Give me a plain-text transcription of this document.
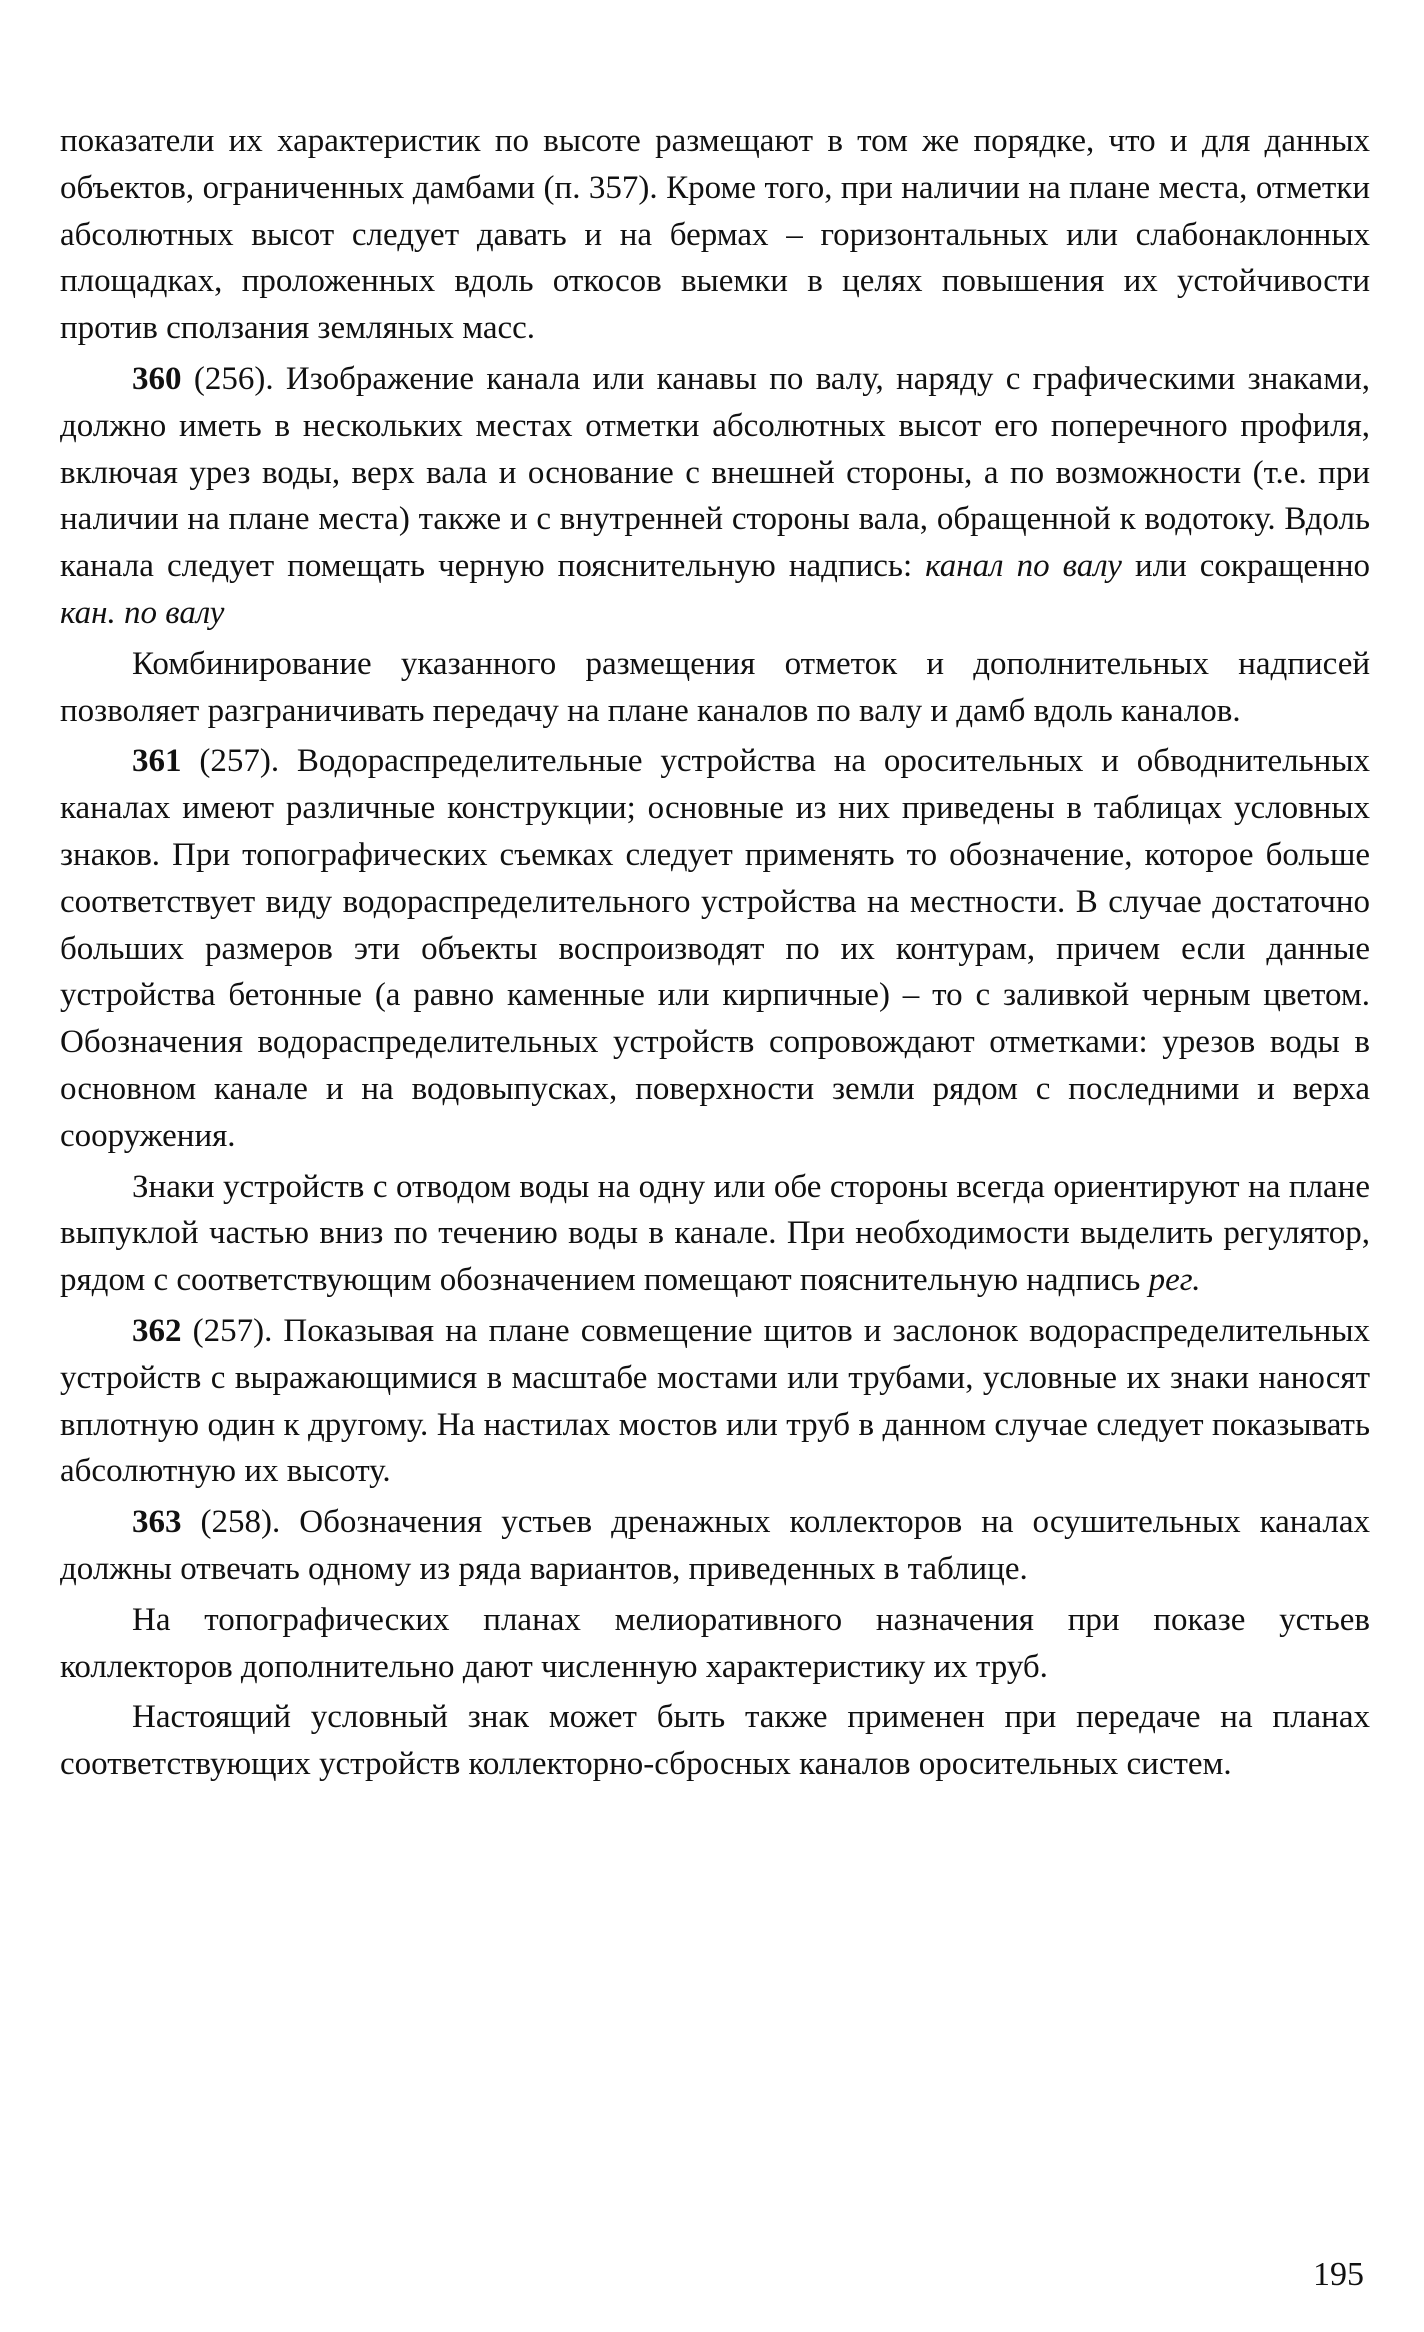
показатели их характеристик по высоте размещают в том же порядке, что и для данных объектов, ограниченных дамбами (п. 357). Кроме того, при наличии на плане места, отметки абсолютных высот следует давать и на бермах – горизонтальных или слабонаклонных площадках, проложенных вдоль откосов выемки в целях повышения их устойчивости против сползания земляных масс.

360 (256). Изображение канала или канавы по валу, наряду с графическими знаками, должно иметь в нескольких местах отметки абсолютных высот его поперечного профиля, включая урез воды, верх вала и основание с внешней стороны, а по возможности (т.е. при наличии на плане места) также и с внутренней стороны вала, обращенной к водотоку. Вдоль канала следует помещать черную пояснительную надпись: канал по валу или сокращенно кан. по валу

Комбинирование указанного размещения отметок и дополнительных надписей позволяет разграничивать передачу на плане каналов по валу и дамб вдоль каналов.

361 (257). Водораспределительные устройства на оросительных и обводнительных каналах имеют различные конструкции; основные из них приведены в таблицах условных знаков. При топографических съемках следует применять то обозначение, которое больше соответствует виду водораспределительного устройства на местности. В случае достаточно больших размеров эти объекты воспроизводят по их контурам, причем если данные устройства бетонные (а равно каменные или кирпичные) – то с заливкой черным цветом. Обозначения водораспределительных устройств сопровождают отметками: урезов воды в основном канале и на водовыпусках, поверхности земли рядом с последними и верха сооружения.

Знаки устройств с отводом воды на одну или обе стороны всегда ориентируют на плане выпуклой частью вниз по течению воды в канале. При необходимости выделить регулятор, рядом с соответствующим обозначением помещают пояснительную надпись рег.

362 (257). Показывая на плане совмещение щитов и заслонок водораспределительных устройств с выражающимися в масштабе мостами или трубами, условные их знаки наносят вплотную один к другому. На настилах мостов или труб в данном случае следует показывать абсолютную их высоту.

363 (258). Обозначения устьев дренажных коллекторов на осушительных каналах должны отвечать одному из ряда вариантов, приведенных в таблице.

На топографических планах мелиоративного назначения при показе устьев коллекторов дополнительно дают численную характеристику их труб.

Настоящий условный знак может быть также применен при передаче на планах соответствующих устройств коллекторно-сбросных каналов оросительных систем.

195
